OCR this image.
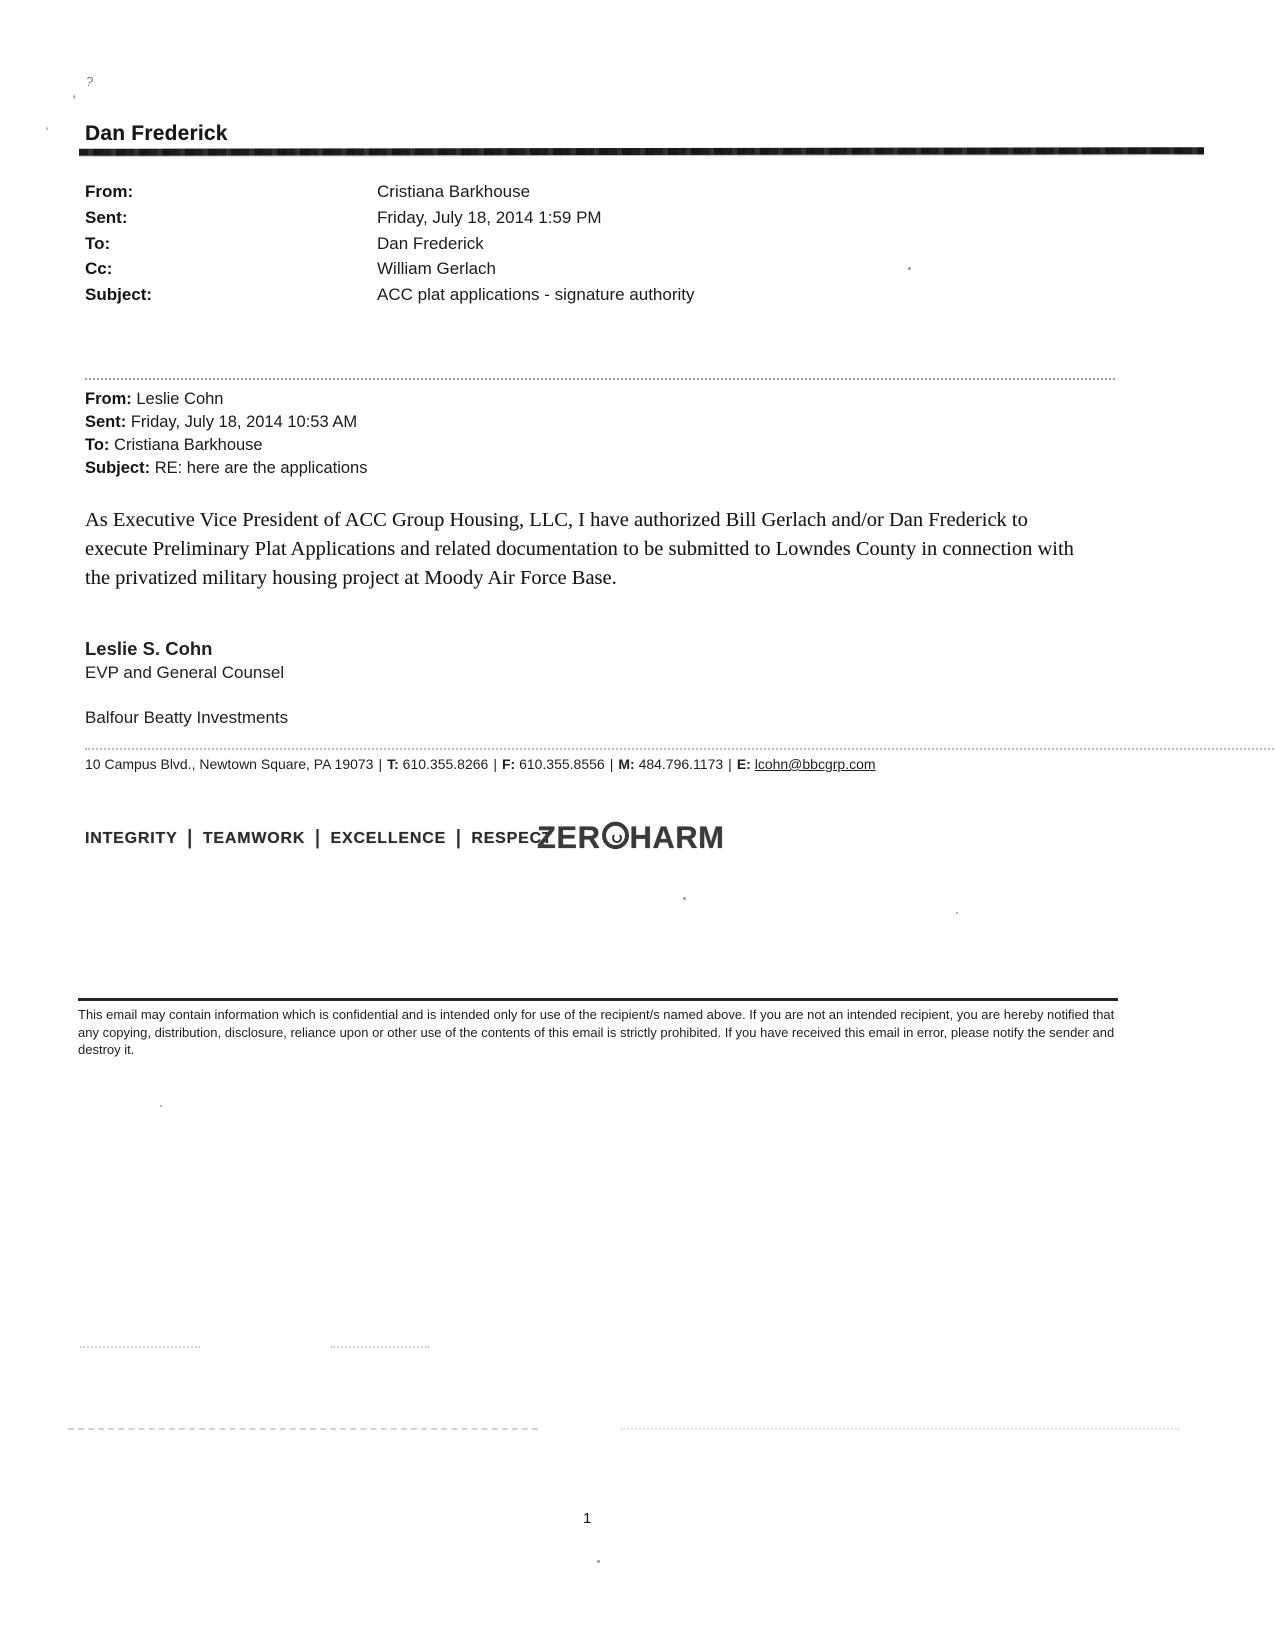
?
,
' Dan Frederick
From:	Cristiana Barkhouse
Sent:	Friday, July 18, 2014 1:59 PM
To:	Dan Frederick
Cc:	William Gerlach
Subject:	ACC plat applications - signature authority
From: Leslie Cohn
Sent: Friday, July 18, 2014 10:53 AM
To: Cristiana Barkhouse
Subject: RE: here are the applications
As Executive Vice President of ACC Group Housing, LLC, I have authorized Bill Gerlach and/or Dan Frederick to execute Preliminary Plat Applications and related documentation to be submitted to Lowndes County in connection with the privatized military housing project at Moody Air Force Base.
Leslie S. Cohn
EVP and General Counsel
Balfour Beatty Investments
10 Campus Blvd., Newtown Square, PA 19073 | T: 610.355.8266 | F: 610.355.8556 | M: 484.796.1173 | E: lcohn@bbcgrp.com
INTEGRITY | TEAMWORK | EXCELLENCE | RESPECT
ZER HARM
This email may contain information which is confidential and is intended only for use of the recipient/s named above. If you are not an intended recipient, you are hereby notified that any copying, distribution, disclosure, reliance upon or other use of the contents of this email is strictly prohibited. If you have received this email in error, please notify the sender and destroy it.
1
